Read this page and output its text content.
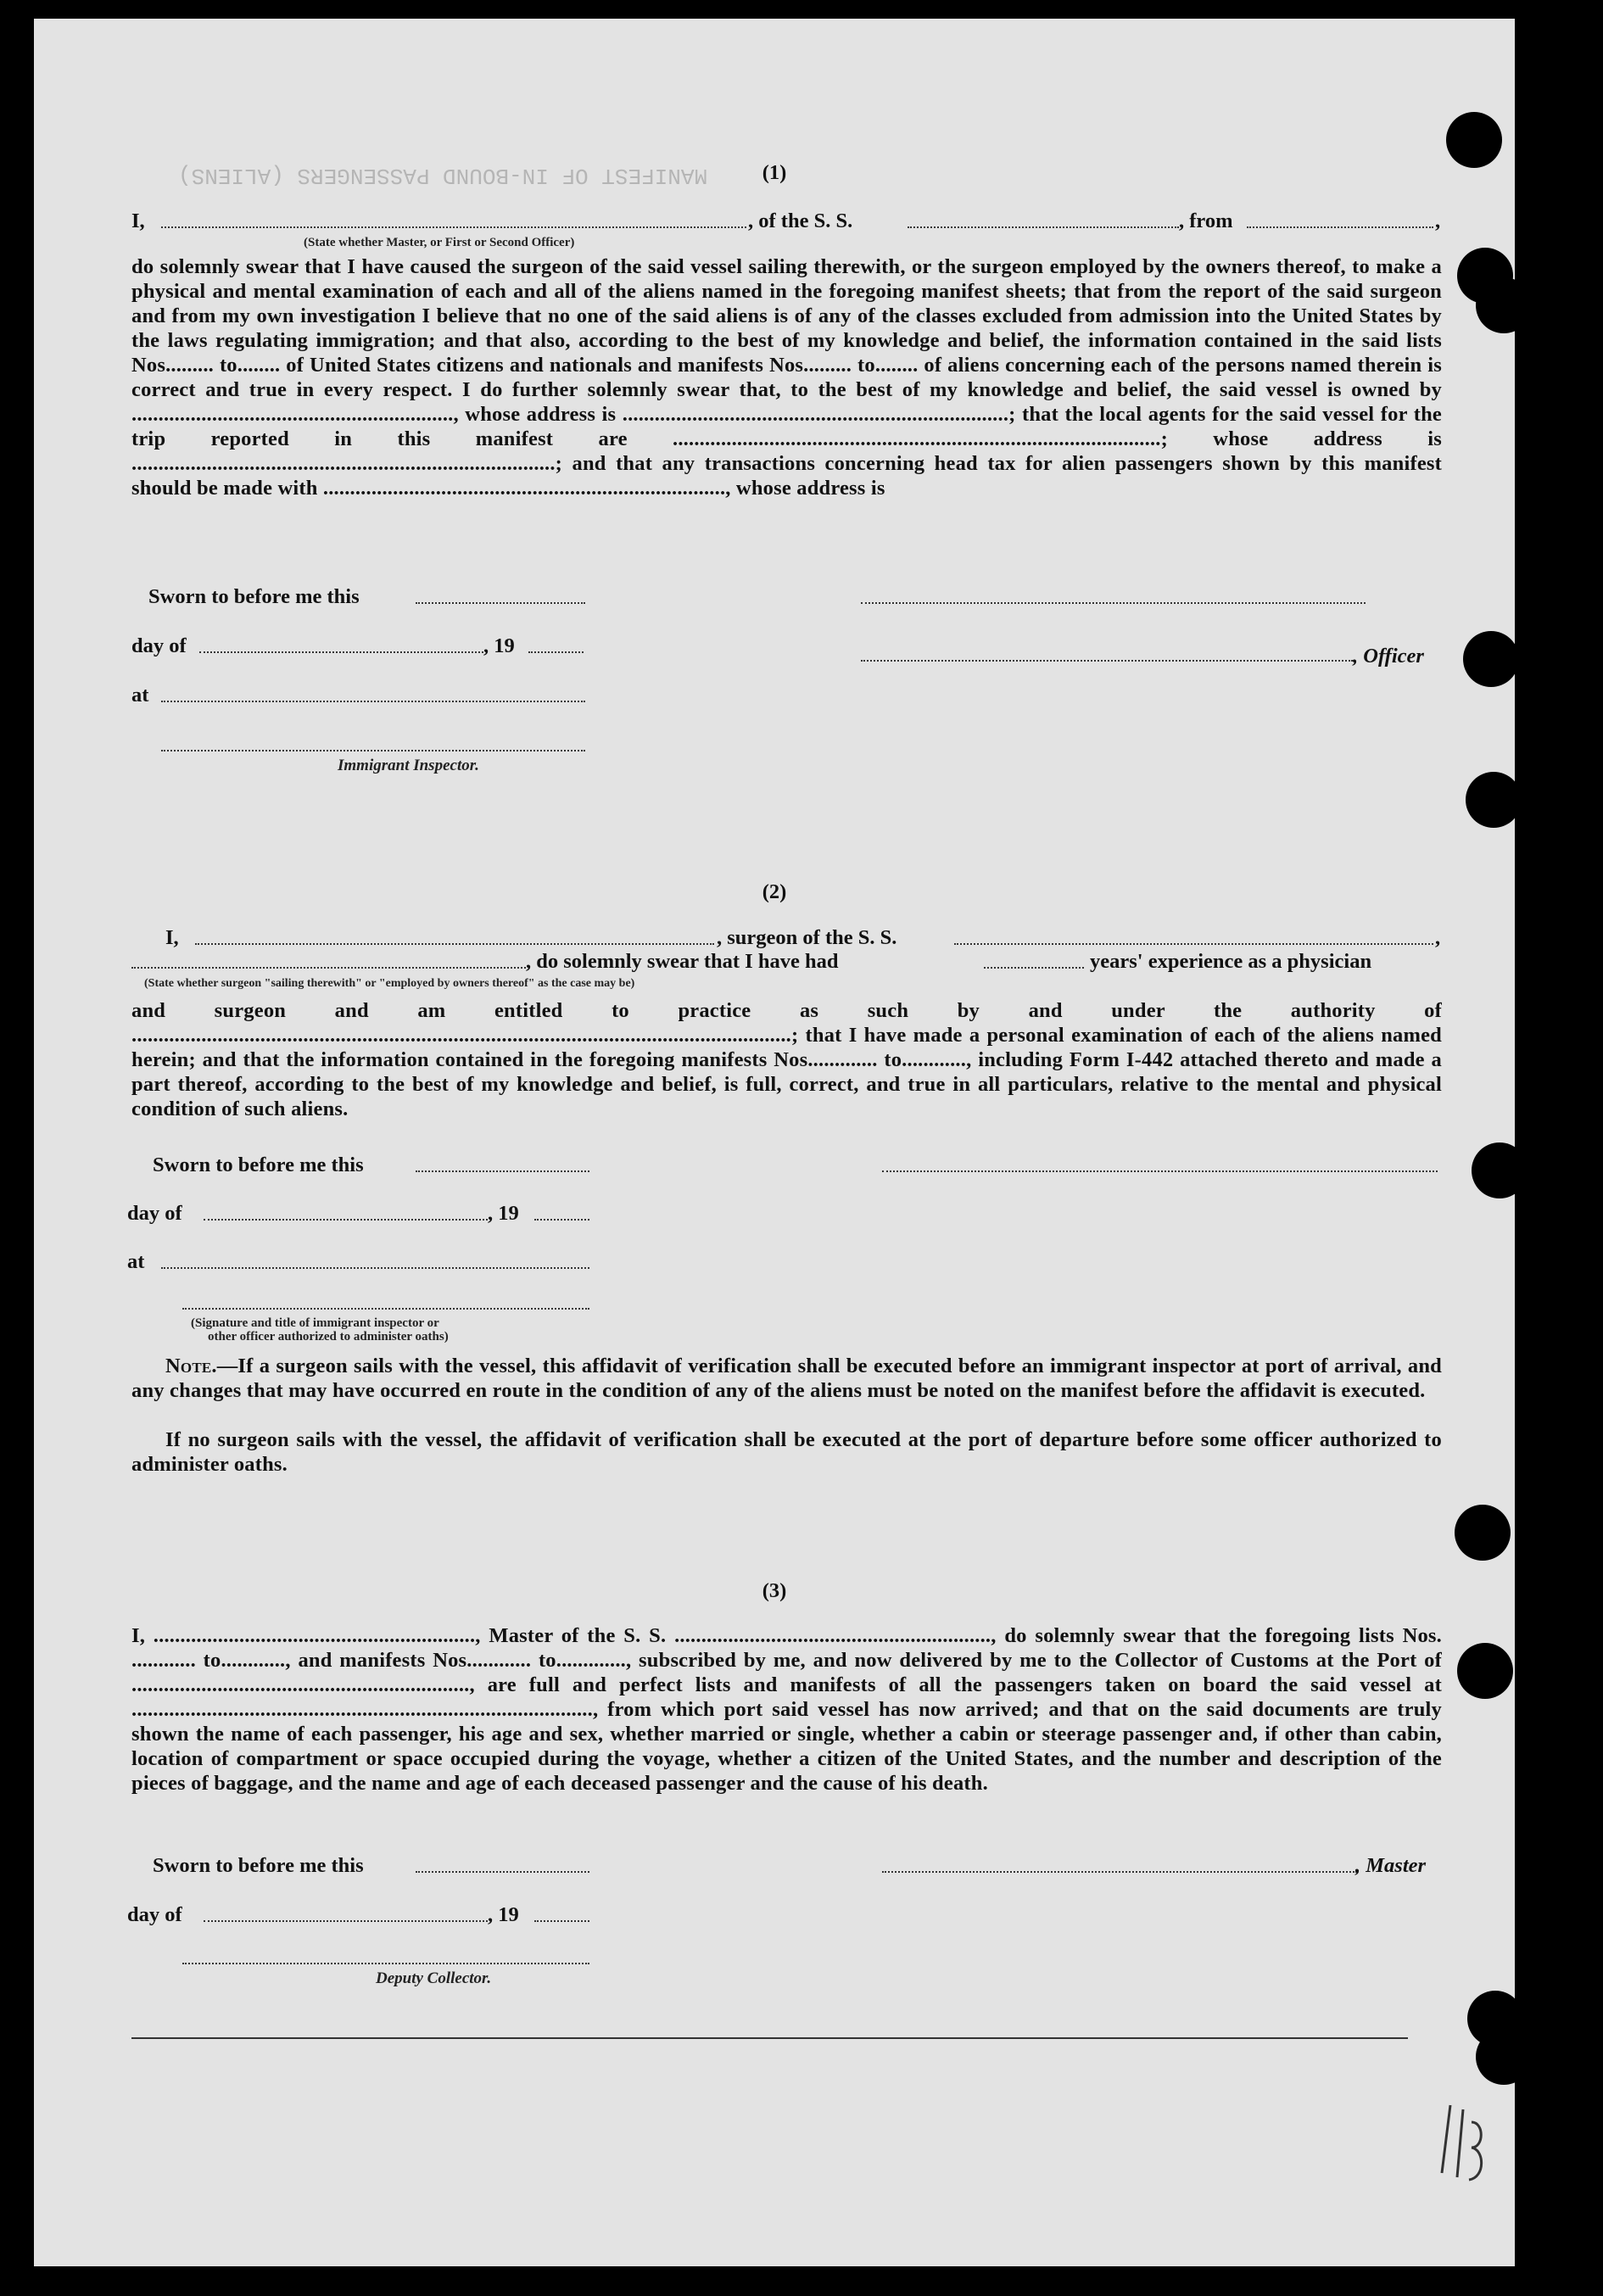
MANIFEST OF IN-BOUND PASSENGERS (ALIENS)	(1)
I,	, of the S. S.	, from	,
(State whether Master, or First or Second Officer)
do solemnly swear that I have caused the surgeon of the said vessel sailing therewith, or the surgeon employed by the owners thereof, to make a physical and mental examination of each and all of the aliens named in the foregoing manifest sheets; that from the report of the said surgeon and from my own investigation I believe that no one of the said aliens is of any of the classes excluded from admission into the United States by the laws regulating immigration; and that also, according to the best of my knowledge and belief, the information contained in the said lists Nos......... to........ of United States citizens and nationals and manifests Nos......... to........ of aliens concerning each of the persons named therein is correct and true in every respect. I do further solemnly swear that, to the best of my knowledge and belief, the said vessel is owned by ............................................................, whose address is ........................................................................; that the local agents for the said vessel for the trip reported in this manifest are ...........................................................................................; whose address is ...............................................................................; and that any transactions concerning head tax for alien passengers shown by this manifest should be made with ..........................................................................., whose address is
Sworn to before me this
day of	, 19	, Officer
at
Immigrant Inspector.
(2)
I,	, surgeon of the S. S.	,
, do solemnly swear that I have had	years' experience as a physician
(State whether surgeon "sailing therewith" or "employed by owners thereof" as the case may be)
and surgeon and am entitled to practice as such by and under the authority of ...........................................................................................................................; that I have made a personal examination of each of the aliens named herein; and that the information contained in the foregoing manifests Nos............. to............, including Form I-442 attached thereto and made a part thereof, according to the best of my knowledge and belief, is full, correct, and true in all particulars, relative to the mental and physical condition of such aliens.
Sworn to before me this
day of	, 19
at
(Signature and title of immigrant inspector or
other officer authorized to administer oaths)
Note.—If a surgeon sails with the vessel, this affidavit of verification shall be executed before an immigrant inspector at port of arrival, and any changes that may have occurred en route in the condition of any of the aliens must be noted on the manifest before the affidavit is executed.
If no surgeon sails with the vessel, the affidavit of verification shall be executed at the port of departure before some officer authorized to administer oaths.
(3)
I, ............................................................, Master of the S. S. ..........................................................., do solemnly swear that the foregoing lists Nos. ............ to............, and manifests Nos............ to............., subscribed by me, and now delivered by me to the Collector of Customs at the Port of ..............................................................., are full and perfect lists and manifests of all the passengers taken on board the said vessel at ......................................................................................, from which port said vessel has now arrived; and that on the said documents are truly shown the name of each passenger, his age and sex, whether married or single, whether a cabin or steerage passenger and, if other than cabin, location of compartment or space occupied during the voyage, whether a citizen of the United States, and the number and description of the pieces of baggage, and the name and age of each deceased passenger and the cause of his death.
Sworn to before me this	, Master
day of	, 19
Deputy Collector.
